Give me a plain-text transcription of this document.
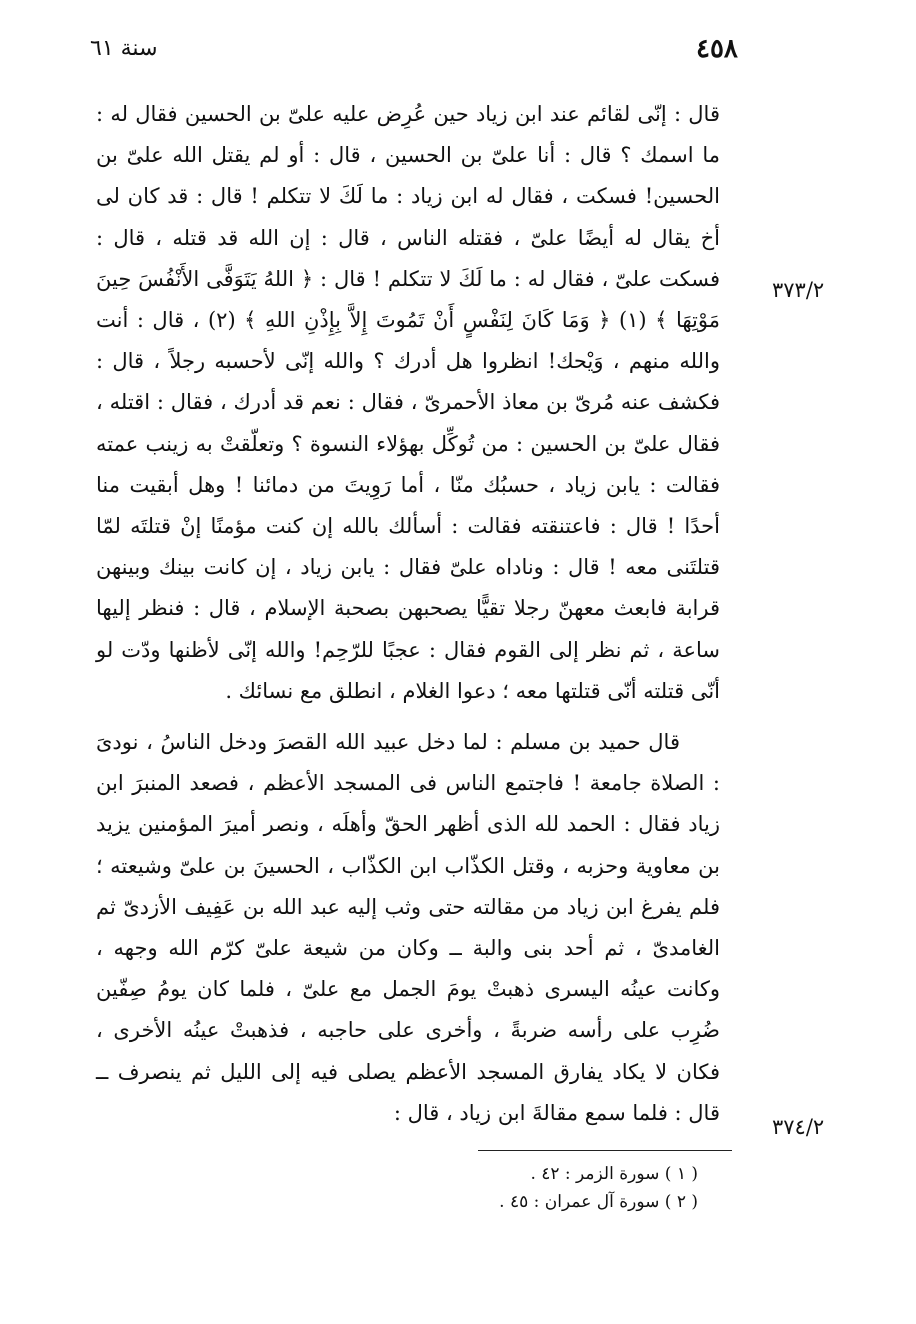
٤٥٨
سنة ٦١

قال : إنّى لقائم عند ابن زياد حين عُرِض عليه علىّ بن الحسين فقال له : ما اسمك ؟ قال : أنا علىّ بن الحسين ، قال : أو لم يقتل الله علىّ بن الحسين! فسكت ، فقال له ابن زياد : ما لَكَ لا تتكلم ! قال : قد كان لى أخ يقال له أيضًا علىّ ، فقتله الناس ، قال : إن الله قد قتله ، قال : فسكت علىّ ، فقال له : ما لَكَ لا تتكلم ! قال : ﴿ اللهُ يَتَوَفَّى الأَنْفُسَ حِينَ مَوْتِهَا ﴾ (١) ﴿ وَمَا كَانَ لِنَفْسٍ أَنْ تَمُوتَ إِلاَّ بِإِذْنِ اللهِ ﴾ (٢) ، قال : أنت والله منهم ، وَيْحك! انظروا هل أدرك ؟ والله إنّى لأحسبه رجلاً ، قال : فكشف عنه مُرىّ بن معاذ الأحمرىّ ، فقال : نعم قد أدرك ، فقال : اقتله ، فقال علىّ بن الحسين : من تُوكِّل بهؤلاء النسوة ؟ وتعلّقتْ به زينب عمته فقالت : يابن زياد ، حسبُك منّا ، أما رَوِيتَ من دمائنا ! وهل أبقيت منا أحدًا ! قال : فاعتنقته فقالت : أسألك بالله إن كنت مؤمنًا إنْ قتلتَه لمّا قتلتَنى معه ! قال : وناداه علىّ فقال : يابن زياد ، إن كانت بينك وبينهن قرابة فابعث معهنّ رجلا تقيًّا يصحبهن بصحبة الإسلام ، قال : فنظر إليها ساعة ، ثم نظر إلى القوم فقال : عجبًا للرّحِم! والله إنّى لأظنها ودّت لو أنّى قتلته أنّى قتلتها معه ؛ دعوا الغلام ، انطلق مع نسائك .

قال حميد بن مسلم : لما دخل عبيد الله القصرَ ودخل الناسُ ، نودىَ : الصلاة جامعة ! فاجتمع الناس فى المسجد الأعظم ، فصعد المنبرَ ابن زياد فقال : الحمد لله الذى أظهر الحقّ وأهلَه ، ونصر أميرَ المؤمنين يزيد بن معاوية وحزبه ، وقتل الكذّاب ابن الكذّاب ، الحسينَ بن علىّ وشيعته ؛ فلم يفرغ ابن زياد من مقالته حتى وثب إليه عبد الله بن عَفِيف الأزدىّ ثم الغامدىّ ، ثم أحد بنى والبة ــ وكان من شيعة علىّ كرّم الله وجهه ، وكانت عينُه اليسرى ذهبتْ يومَ الجمل مع علىّ ، فلما كان يومُ صِفّين ضُرِب على رأسه ضربةً ، وأخرى على حاجبه ، فذهبتْ عينُه الأخرى ، فكان لا يكاد يفارق المسجد الأعظم يصلى فيه إلى الليل ثم ينصرف ــ قال : فلما سمع مقالةَ ابن زياد ، قال :

٣٧٣/٢
٣٧٤/٢

( ١ ) سورة الزمر : ٤٢ .

( ٢ ) سورة آل عمران : ٤٥ .
